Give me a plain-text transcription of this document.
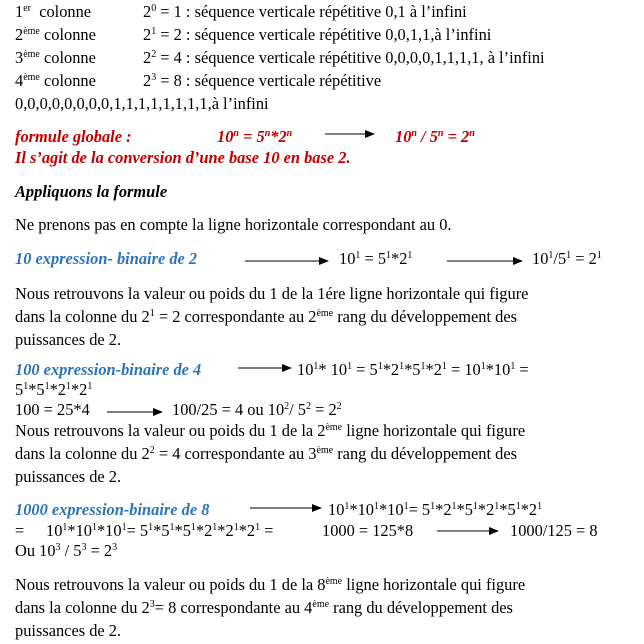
1er colonne	$2^0 = 1$ : séquence verticale répétitive 0,1 à l’infini
2ème colonne	$2^1 = 2$ : séquence verticale répétitive 0,0,1,1,à l’infini
3ème colonne	$2^2 = 4$ : séquence verticale répétitive 0,0,0,0,1,1,1,1, à l’infini
4ème colonne	$2^3 = 8$ : séquence verticale répétitive
0,0,0,0,0,0,0,0,1,1,1,1,1,1,1,1,à l’infini
formule globale :	$10^n = 5^n*2^n$	$10^n / 5^n = 2^n$
Il s’agit de la conversion d’une base 10 en base 2.
Appliquons la formule
Ne prenons pas en compte la ligne horizontale correspondant au 0.
10 expression- binaire de 2	$10^1 = 5^1*2^1$	$10^1/5^1 = 2^1$
Nous retrouvons la valeur ou poids du 1 de la 1ére ligne horizontale qui figure
dans la colonne du $2^1 = 2$ correspondante au 2ème rang du développement des
puissances de 2.
100 expression-binaire de 4	$10^1*$ $10^1 = 5^1*2^1*5^1*2^1 = 10^1*10^1$ =
$5^1*5^1*2^1*2^1$
100 = 25*4	100/25 = 4 ou $10^2/$ $5^2 = 2^2$
Nous retrouvons la valeur ou poids du 1 de la 2ème ligne horizontale qui figure
dans la colonne du $2^2 = 4$ correspondante au 3ème rang du développement des
puissances de 2.
1000 expression-binaire de 8	$10^1*10^1*10^1= 5^1*2^1*5^1*2^1*5^1*2^1$
= $10^1*10^1*10^1= 5^1*5^1*5^1*2^1*2^1*2^1$ =	1000 = 125*8	1000/125 = 8
Ou $10^3 / 5^3 = 2^3$
Nous retrouvons la valeur ou poids du 1 de la 8ème ligne horizontale qui figure
dans la colonne du $2^3= 8$ correspondante au 4ème rang du développement des
puissances de 2.
